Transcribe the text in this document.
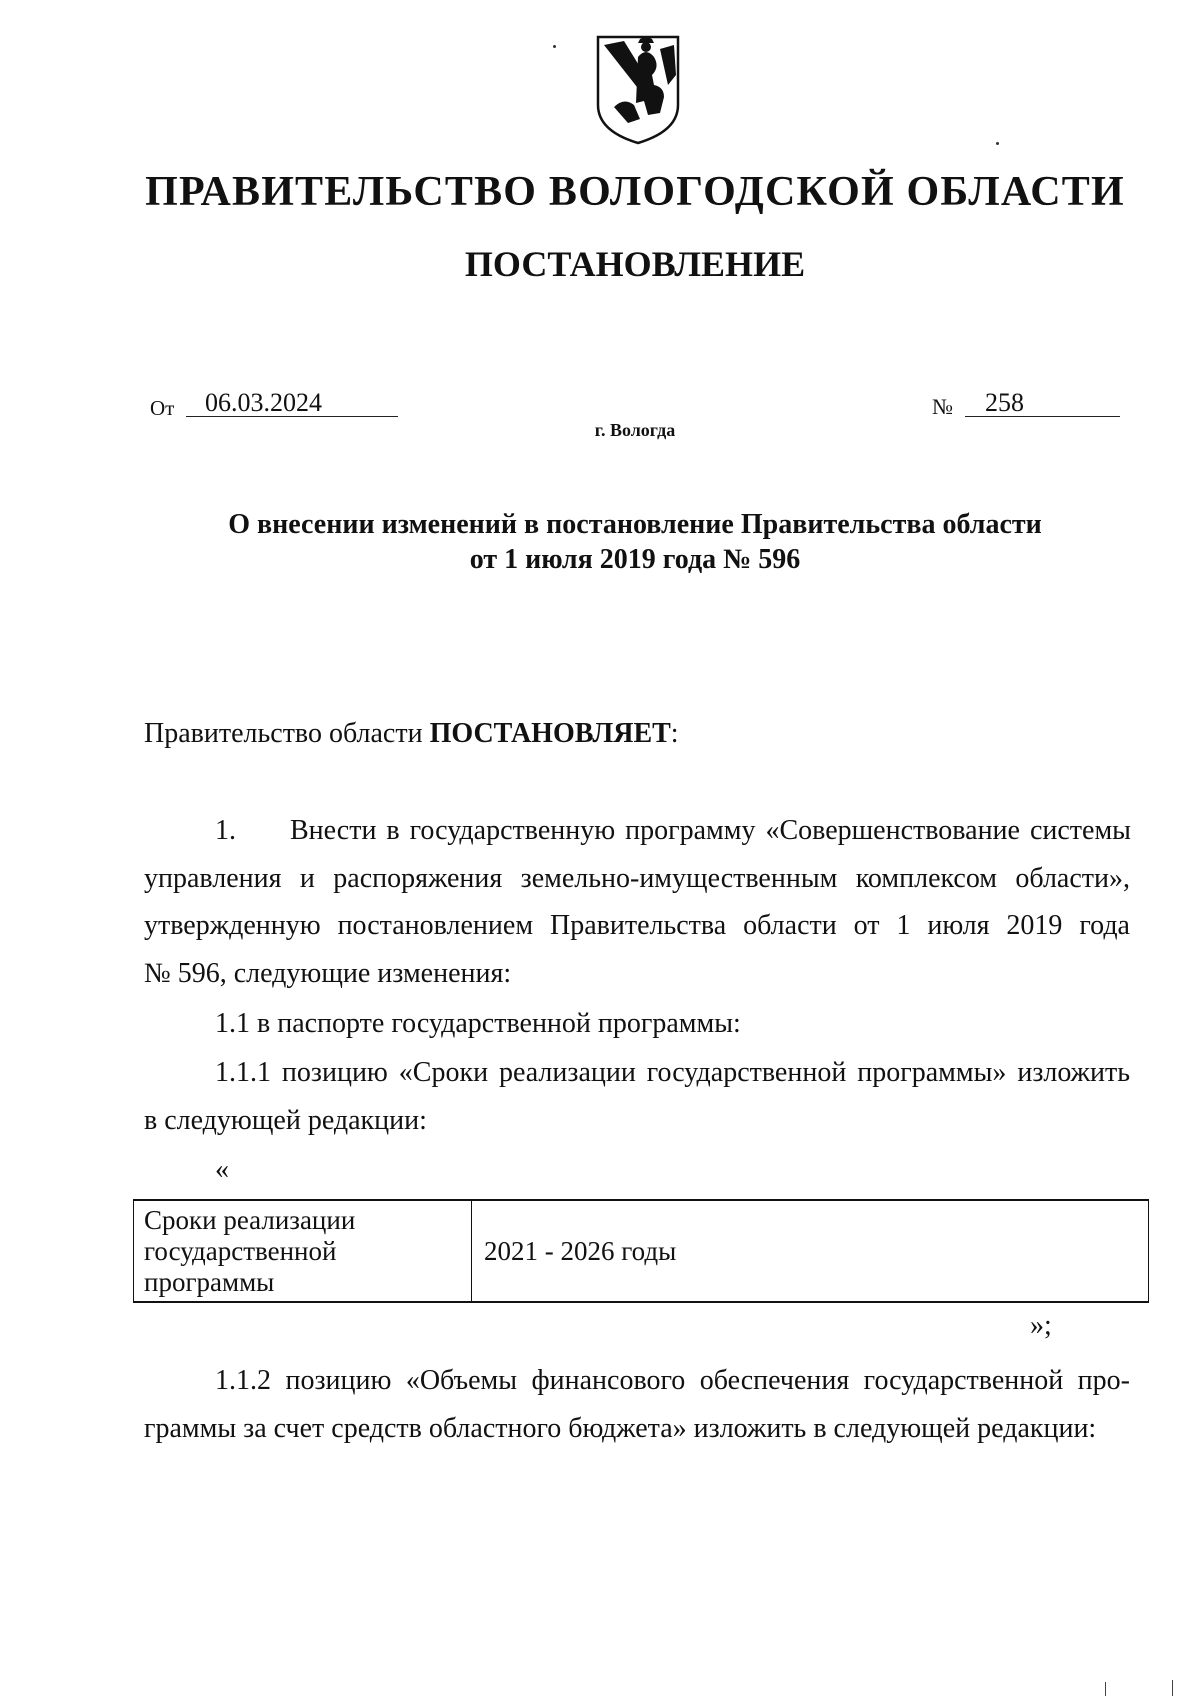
ПРАВИТЕЛЬСТВО ВОЛОГОДСКОЙ ОБЛАСТИ
ПОСТАНОВЛЕНИЕ
От 06.03.2024	№ 258
г. Вологда
О внесении изменений в постановление Правительства области
от 1 июля 2019 года № 596
Правительство области ПОСТАНОВЛЯЕТ:
1. Внести в государственную программу «Совершенствование системы
управления и распоряжения земельно-имущественным комплексом области»,
утвержденную постановлением Правительства области от 1 июля 2019 года
№ 596, следующие изменения:
1.1 в паспорте государственной программы:
1.1.1 позицию «Сроки реализации государственной программы» изложить
в следующей редакции:
«
Сроки реализации
государственной
программы
2021 - 2026 годы
»;
1.1.2 позицию «Объемы финансового обеспечения государственной про-
граммы за счет средств областного бюджета» изложить в следующей редакции:
